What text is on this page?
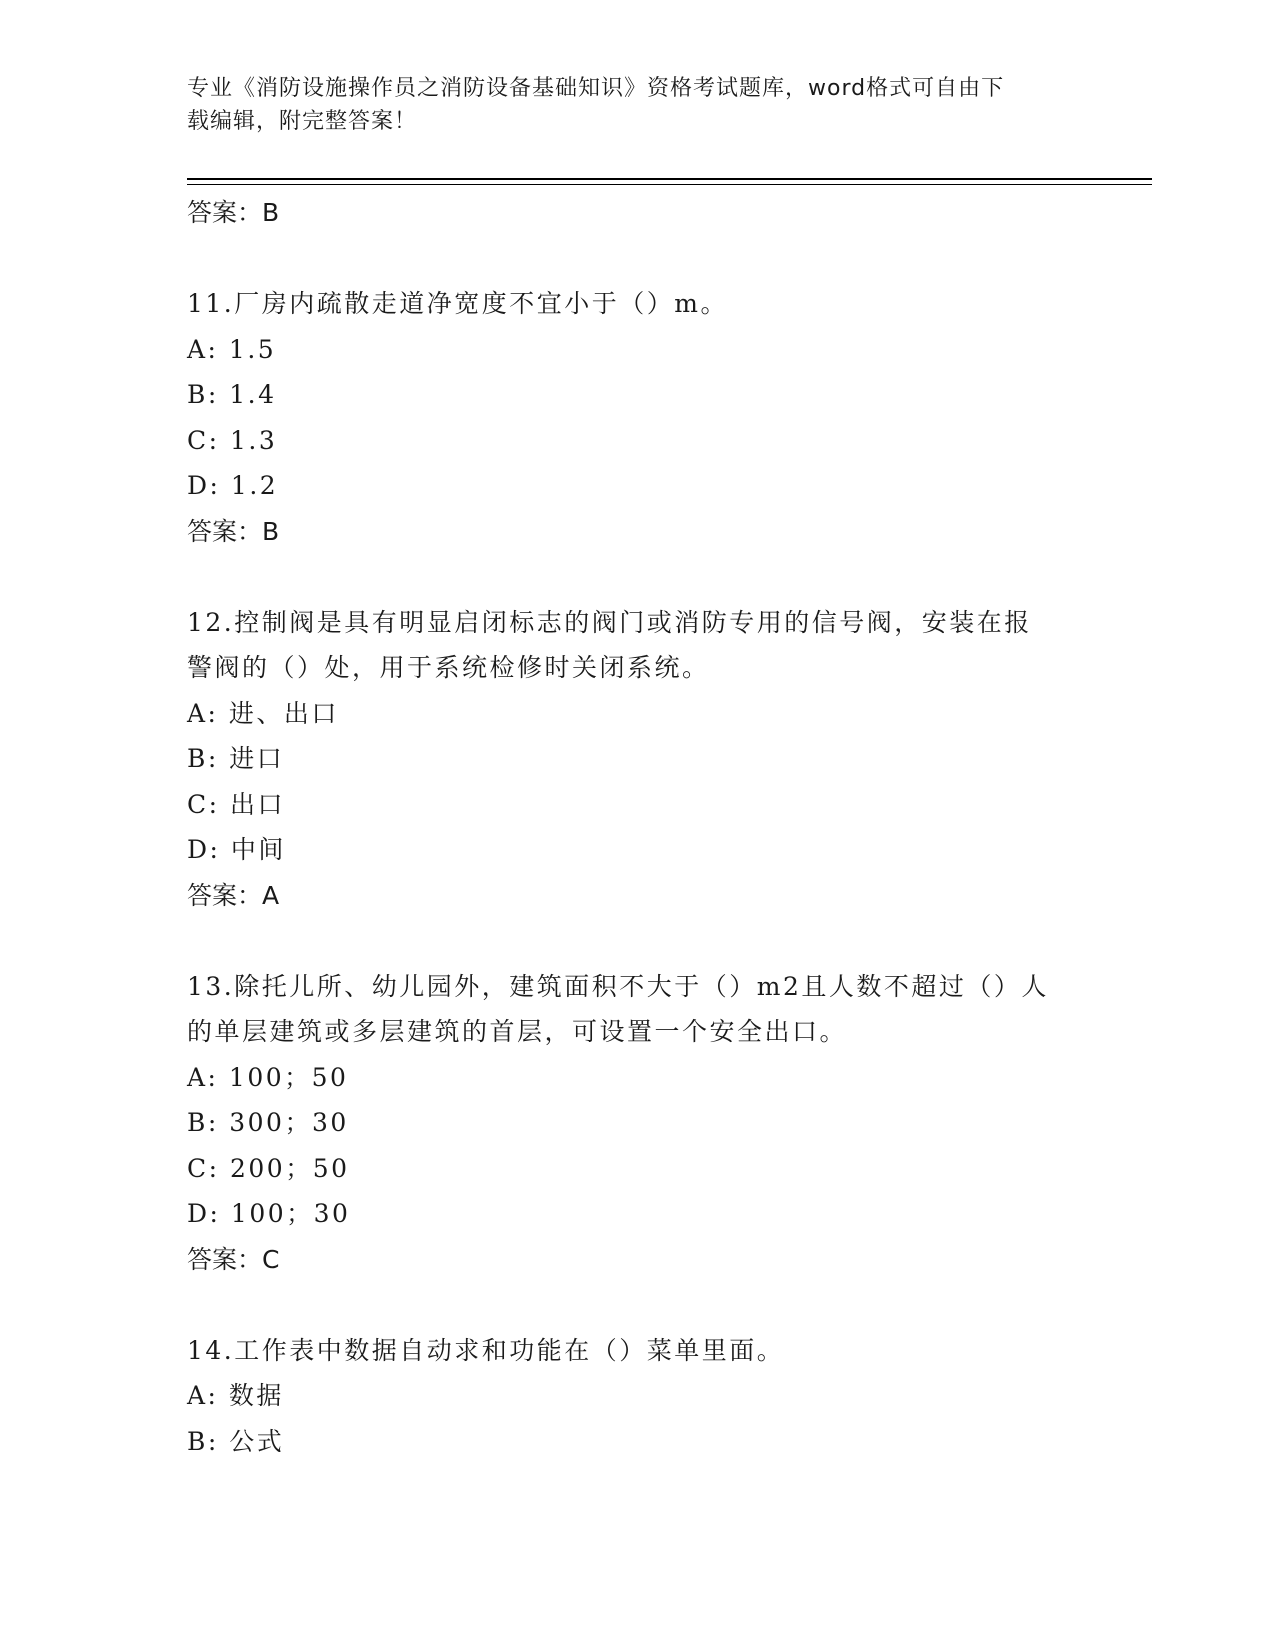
专业《消防设施操作员之消防设备基础知识》资格考试题库，word格式可自由下
载编辑，附完整答案！
答案：B
11.厂房内疏散走道净宽度不宜小于（）m。
A: 1.5
B: 1.4
C: 1.3
D: 1.2
答案：B
12.控制阀是具有明显启闭标志的阀门或消防专用的信号阀，安装在报
警阀的（）处，用于系统检修时关闭系统。
A: 进、出口
B: 进口
C: 出口
D: 中间
答案：A
13.除托儿所、幼儿园外，建筑面积不大于（）m2且人数不超过（）人
的单层建筑或多层建筑的首层，可设置一个安全出口。
A: 100；50
B: 300；30
C: 200；50
D: 100；30
答案：C
14.工作表中数据自动求和功能在（）菜单里面。
A: 数据
B: 公式
